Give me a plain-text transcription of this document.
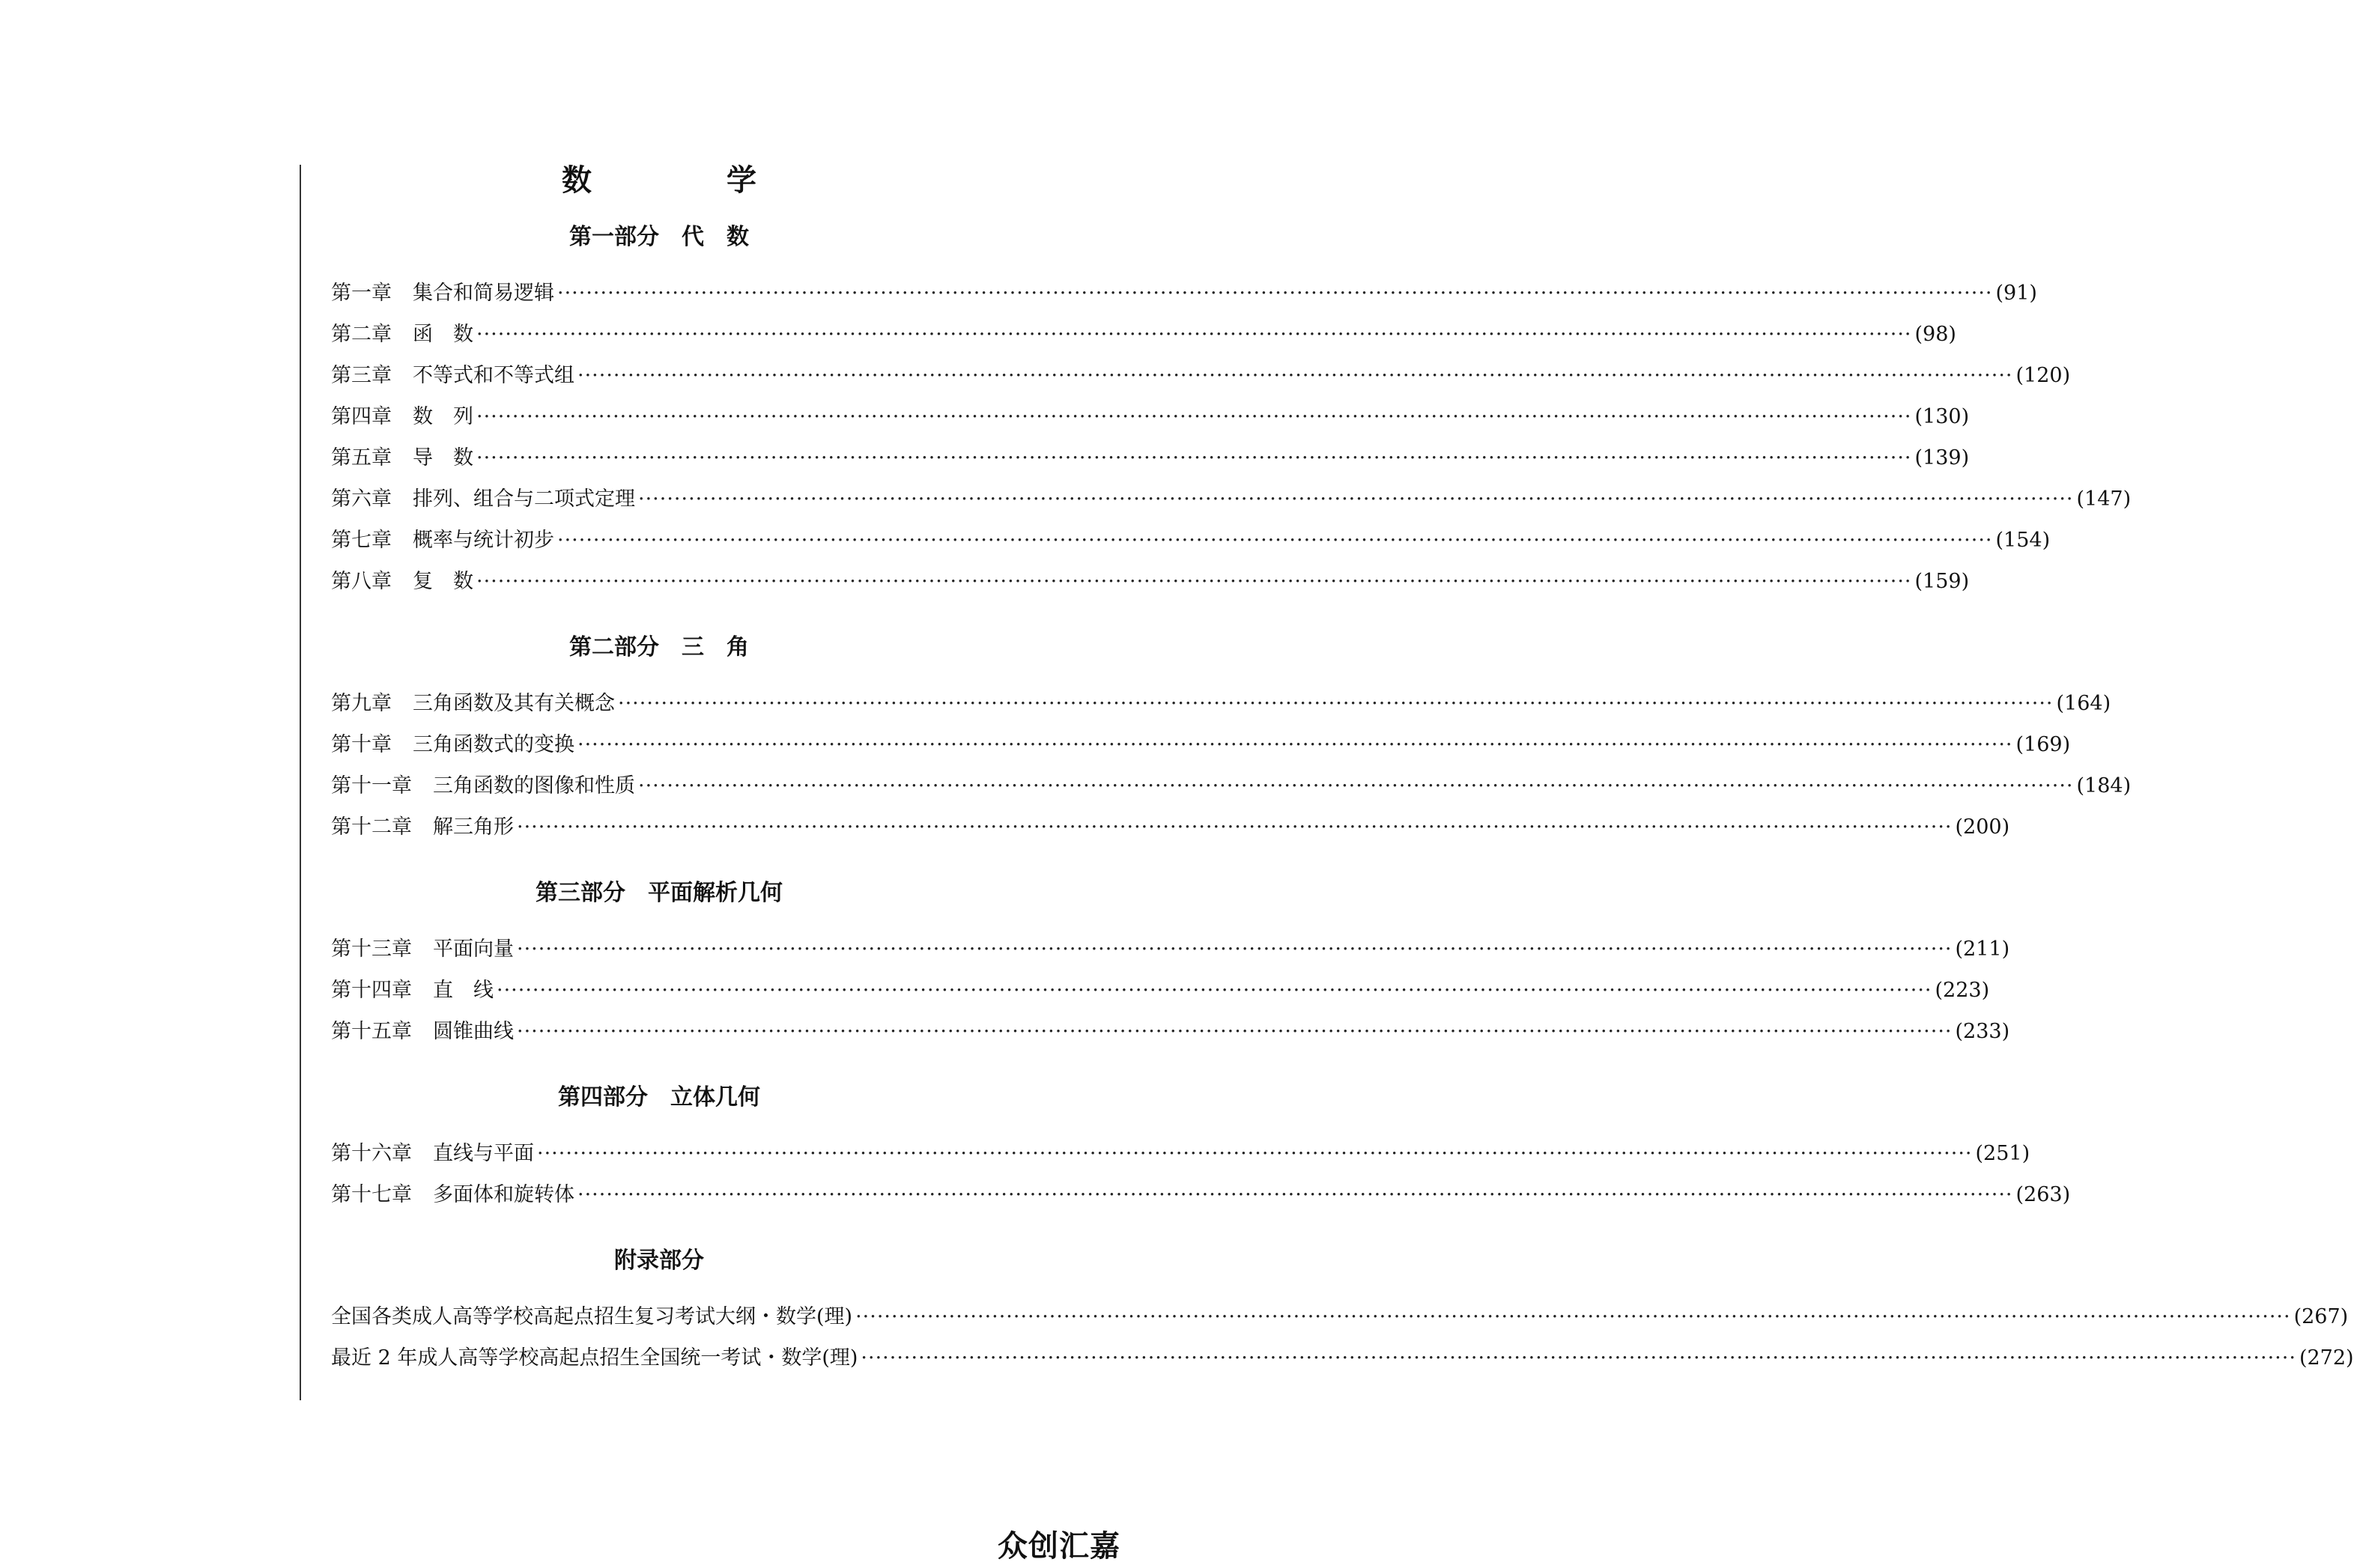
数　学
第一部分　代　数
第一章 集合和简易逻辑 ········································································································································································································ (91)
第二章 函　数 ········································································································································································································ (98)
第三章 不等式和不等式组 ········································································································································································································ (120)
第四章 数　列 ········································································································································································································ (130)
第五章 导　数 ········································································································································································································ (139)
第六章 排列、组合与二项式定理 ········································································································································································································ (147)
第七章 概率与统计初步 ········································································································································································································ (154)
第八章 复　数 ········································································································································································································ (159)
第二部分　三　角
第九章 三角函数及其有关概念 ········································································································································································································ (164)
第十章 三角函数式的变换 ········································································································································································································ (169)
第十一章 三角函数的图像和性质 ········································································································································································································ (184)
第十二章 解三角形 ········································································································································································································ (200)
第三部分　平面解析几何
第十三章 平面向量 ········································································································································································································ (211)
第十四章 直　线 ········································································································································································································ (223)
第十五章 圆锥曲线 ········································································································································································································ (233)
第四部分　立体几何
第十六章 直线与平面 ········································································································································································································ (251)
第十七章 多面体和旋转体 ········································································································································································································ (263)
附录部分
全国各类成人高等学校高起点招生复习考试大纲・数学(理) ········································································································································································································ (267)
最近 2 年成人高等学校高起点招生全国统一考试・数学(理) ········································································································································································································ (272)
众创汇嘉
